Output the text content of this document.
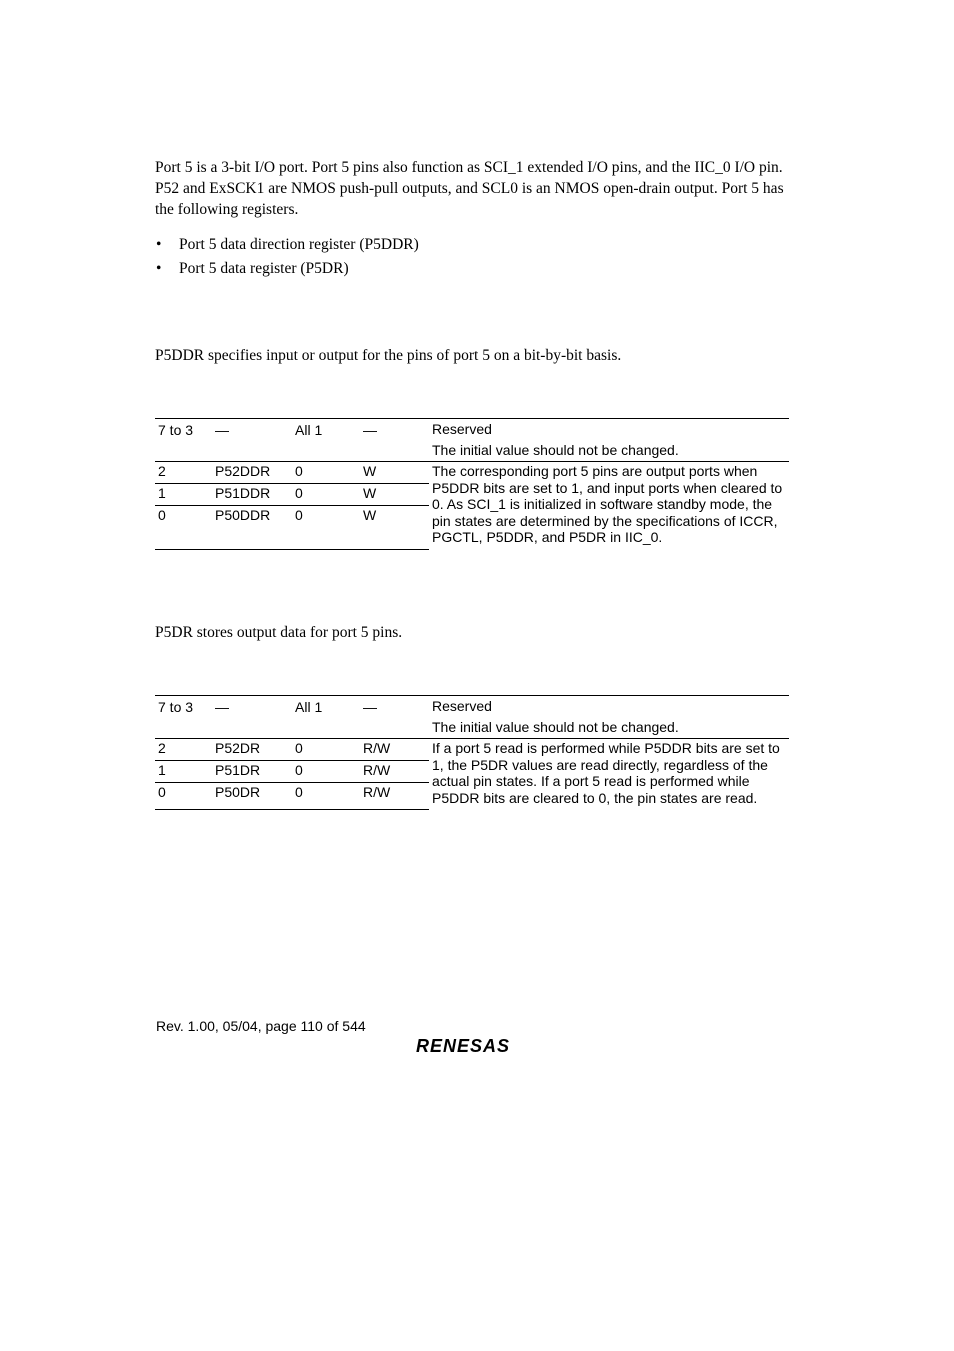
Port 5 is a 3-bit I/O port. Port 5 pins also function as SCI_1 extended I/O pins, and the IIC_0 I/O pin. P52 and ExSCK1 are NMOS push-pull outputs, and SCL0 is an NMOS open-drain output. Port 5 has the following registers.
• Port 5 data direction register (P5DDR)
• Port 5 data register (P5DR)
P5DDR specifies input or output for the pins of port 5 on a bit-by-bit basis.
7 to 3	—	All 1	—	Reserved
The initial value should not be changed.

2	P52DDR	0	W	The corresponding port 5 pins are output ports when P5DDR bits are set to 1, and input ports when cleared to 0. As SCI_1 is initialized in software standby mode, the pin states are determined by the specifications of ICCR, PGCTL, P5DDR, and P5DR in IIC_0.
1	P51DDR	0	W	
0	P50DDR	0	W	
P5DR stores output data for port 5 pins.
7 to 3	—	All 1	—	Reserved
The initial value should not be changed.

2	P52DR	0	R/W	If a port 5 read is performed while P5DDR bits are set to 1, the P5DR values are read directly, regardless of the actual pin states. If a port 5 read is performed while P5DDR bits are cleared to 0, the pin states are read.
1	P51DR	0	R/W	
0	P50DR	0	R/W	
Rev. 1.00, 05/04, page 110 of 544
RENESAS
